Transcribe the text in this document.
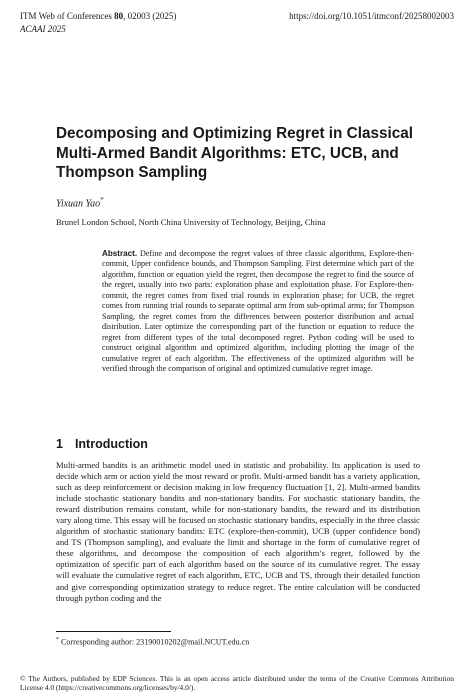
ITM Web of Conferences 80, 02003 (2025)
ACAAI 2025
https://doi.org/10.1051/itmconf/20258002003
Decomposing and Optimizing Regret in Classical Multi-Armed Bandit Algorithms: ETC, UCB, and Thompson Sampling
Yixuan Yao*
Brunel London School, North China University of Technology, Beijing, China
Abstract. Define and decompose the regret values of three classic algorithms, Explore-then-commit, Upper confidence bounds, and Thompson Sampling. First determine which part of the algorithm, function or equation yield the regret, then decompose the regret to find the source of the regret, usually into two parts: exploration phase and exploitation phase. For Explore-then-commit, the regret comes from fixed trial rounds in exploration phase; for UCB, the regret comes from running trial rounds to separate optimal arm from sub-optimal arms; for Thompson Sampling, the regret comes from the differences between posterior distribution and actual distribution. Later optimize the corresponding part of the function or equation to reduce the regret from different types of the total decomposed regret. Python coding will be used to construct original algorithm and optimized algorithm, including plotting the image of the cumulative regret of each algorithm. The effectiveness of the optimized algorithm will be verified through the comparison of original and optimized cumulative regret image.
1 Introduction
Multi-armed bandits is an arithmetic model used in statistic and probability. Its application is used to decide which arm or action yield the most reward or profit. Multi-armed bandit has a variety application, such as deep reinforcement or decision making in low frequency fluctuation [1, 2]. Multi-armed bandits include stochastic stationary bandits and non-stationary bandits. For stochastic stationary bandits, the reward distribution remains constant, while for non-stationary bandits, the reward and its distribution vary along time. This essay will be focused on stochastic stationary bandits, especially in the three classic algorithm of stochastic stationary bandits: ETC (explore-then-commit), UCB (upper confidence bond) and TS (Thompson sampling), and evaluate the limit and shortage in the form of cumulative regret of these algorithms, and decompose the composition of each algorithm’s regret, followed by the optimization of specific part of each algorithm based on the source of its cumulative regret. The essay will evaluate the cumulative regret of each algorithm, ETC, UCB and TS, through their detailed function and give corresponding optimization strategy to reduce regret. The entire calculation will be conducted through python coding and the
* Corresponding author: 23190010202@mail.NCUT.edu.cn
© The Authors, published by EDP Sciences. This is an open access article distributed under the terms of the Creative Commons Attribution License 4.0 (https://creativecommons.org/licenses/by/4.0/).
